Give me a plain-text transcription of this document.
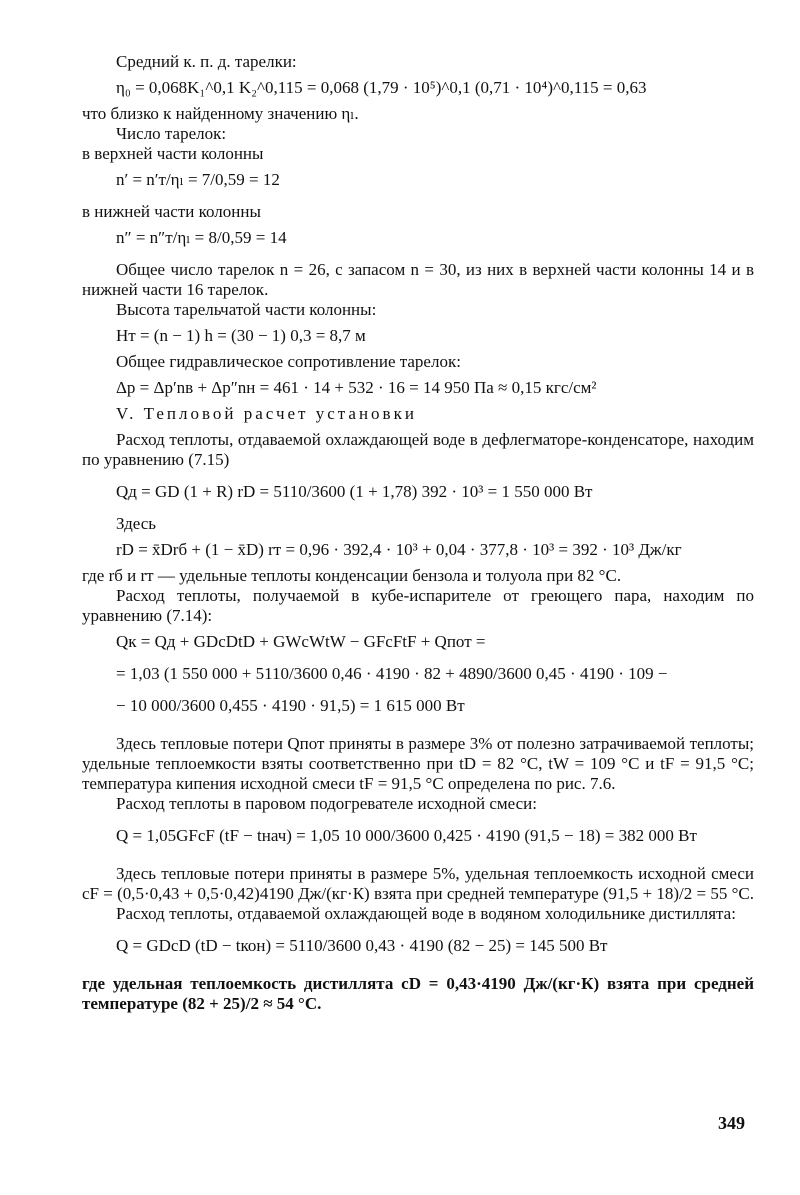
Средний к. п. д. тарелки:

η₀ = 0,068K₁^0,1 K₂^0,115 = 0,068 (1,79 · 10⁵)^0,1 (0,71 · 10⁴)^0,115 = 0,63

что близко к найденному значению ηₗ.

Число тарелок:

в верхней части колонны

n′ = n′т/ηₗ = 7/0,59 = 12

в нижней части колонны

n″ = n″т/ηₗ = 8/0,59 = 14

Общее число тарелок n = 26, с запасом n = 30, из них в верхней части колонны 14 и в нижней части 16 тарелок.

Высота тарельчатой части колонны:

Hт = (n − 1) h = (30 − 1) 0,3 = 8,7 м

Общее гидравлическое сопротивление тарелок:

Δp = Δp′nв + Δp″nн = 461 · 14 + 532 · 16 = 14 950 Па ≈ 0,15 кгс/см²

V. Тепловой расчет установки

Расход теплоты, отдаваемой охлаждающей воде в дефлегматоре-конденсаторе, находим по уравнению (7.15)

Qд = GD (1 + R) rD = 5110/3600 (1 + 1,78) 392 · 10³ = 1 550 000 Вт

Здесь

rD = x̄Drб + (1 − x̄D) rт = 0,96 · 392,4 · 10³ + 0,04 · 377,8 · 10³ = 392 · 10³ Дж/кг

где rб и rт — удельные теплоты конденсации бензола и толуола при 82 °C.

Расход теплоты, получаемой в кубе-испарителе от греющего пара, находим по уравнению (7.14):

Qк = Qд + GDcDtD + GWcWtW − GFcFtF + Qпот =
= 1,03 (1 550 000 + 5110/3600 0,46 · 4190 · 82 + 4890/3600 0,45 · 4190 · 109 −
− 10 000/3600 0,455 · 4190 · 91,5) = 1 615 000 Вт

Здесь тепловые потери Qпот приняты в размере 3% от полезно затрачиваемой теплоты; удельные теплоемкости взяты соответственно при tD = 82 °C, tW = 109 °C и tF = 91,5 °C; температура кипения исходной смеси tF = 91,5 °C определена по рис. 7.6.

Расход теплоты в паровом подогревателе исходной смеси:

Q = 1,05GFcF (tF − tнач) = 1,05 10 000/3600 0,425 · 4190 (91,5 − 18) = 382 000 Вт

Здесь тепловые потери приняты в размере 5%, удельная теплоемкость исходной смеси cF = (0,5·0,43 + 0,5·0,42)4190 Дж/(кг·К) взята при средней температуре (91,5 + 18)/2 = 55 °C.

Расход теплоты, отдаваемой охлаждающей воде в водяном холодильнике дистиллята:

Q = GDcD (tD − tкон) = 5110/3600 0,43 · 4190 (82 − 25) = 145 500 Вт

где удельная теплоемкость дистиллята cD = 0,43·4190 Дж/(кг·К) взята при средней температуре (82 + 25)/2 ≈ 54 °C.

349
